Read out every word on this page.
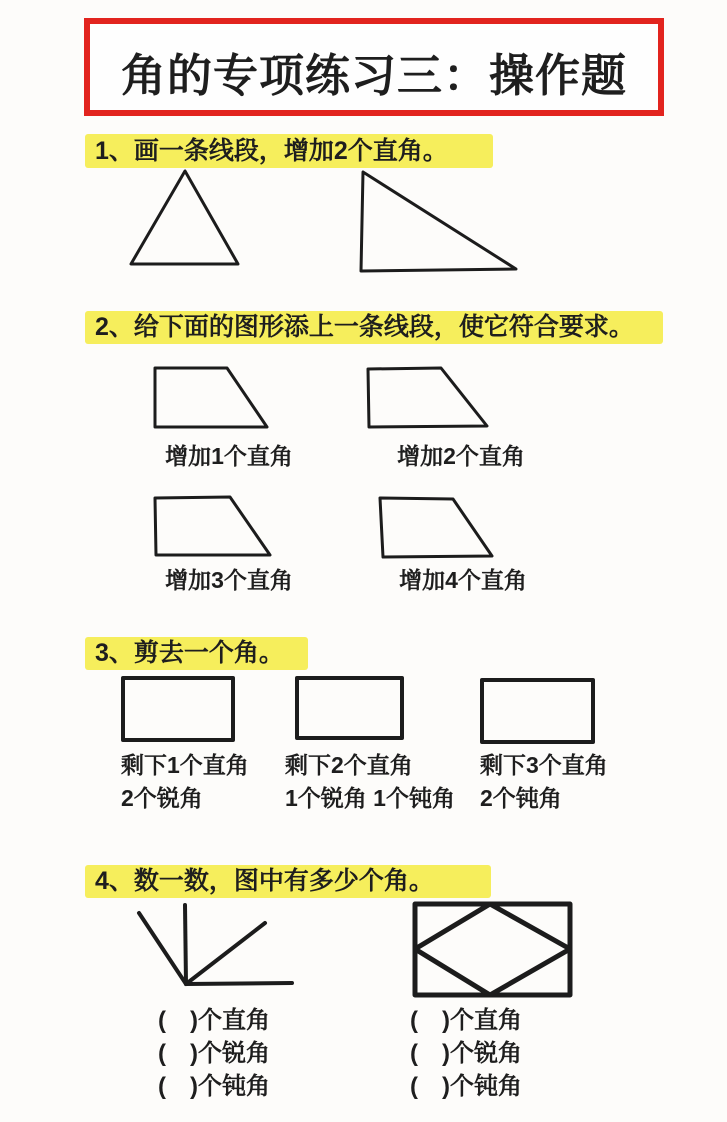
角的专项练习三：操作题
1、画一条线段，增加2个直角。
2、给下面的图形添上一条线段，使它符合要求。
3、剪去一个角。
4、数一数，图中有多少个角。
增加1个直角	增加2个直角
增加3个直角	增加4个直角
剩下1个直角
2个锐角
剩下2个直角
1个锐角 1个钝角
剩下3个直角
2个钝角
(　)个直角
(　)个锐角
(　)个钝角
(　)个直角
(　)个锐角
(　)个钝角
